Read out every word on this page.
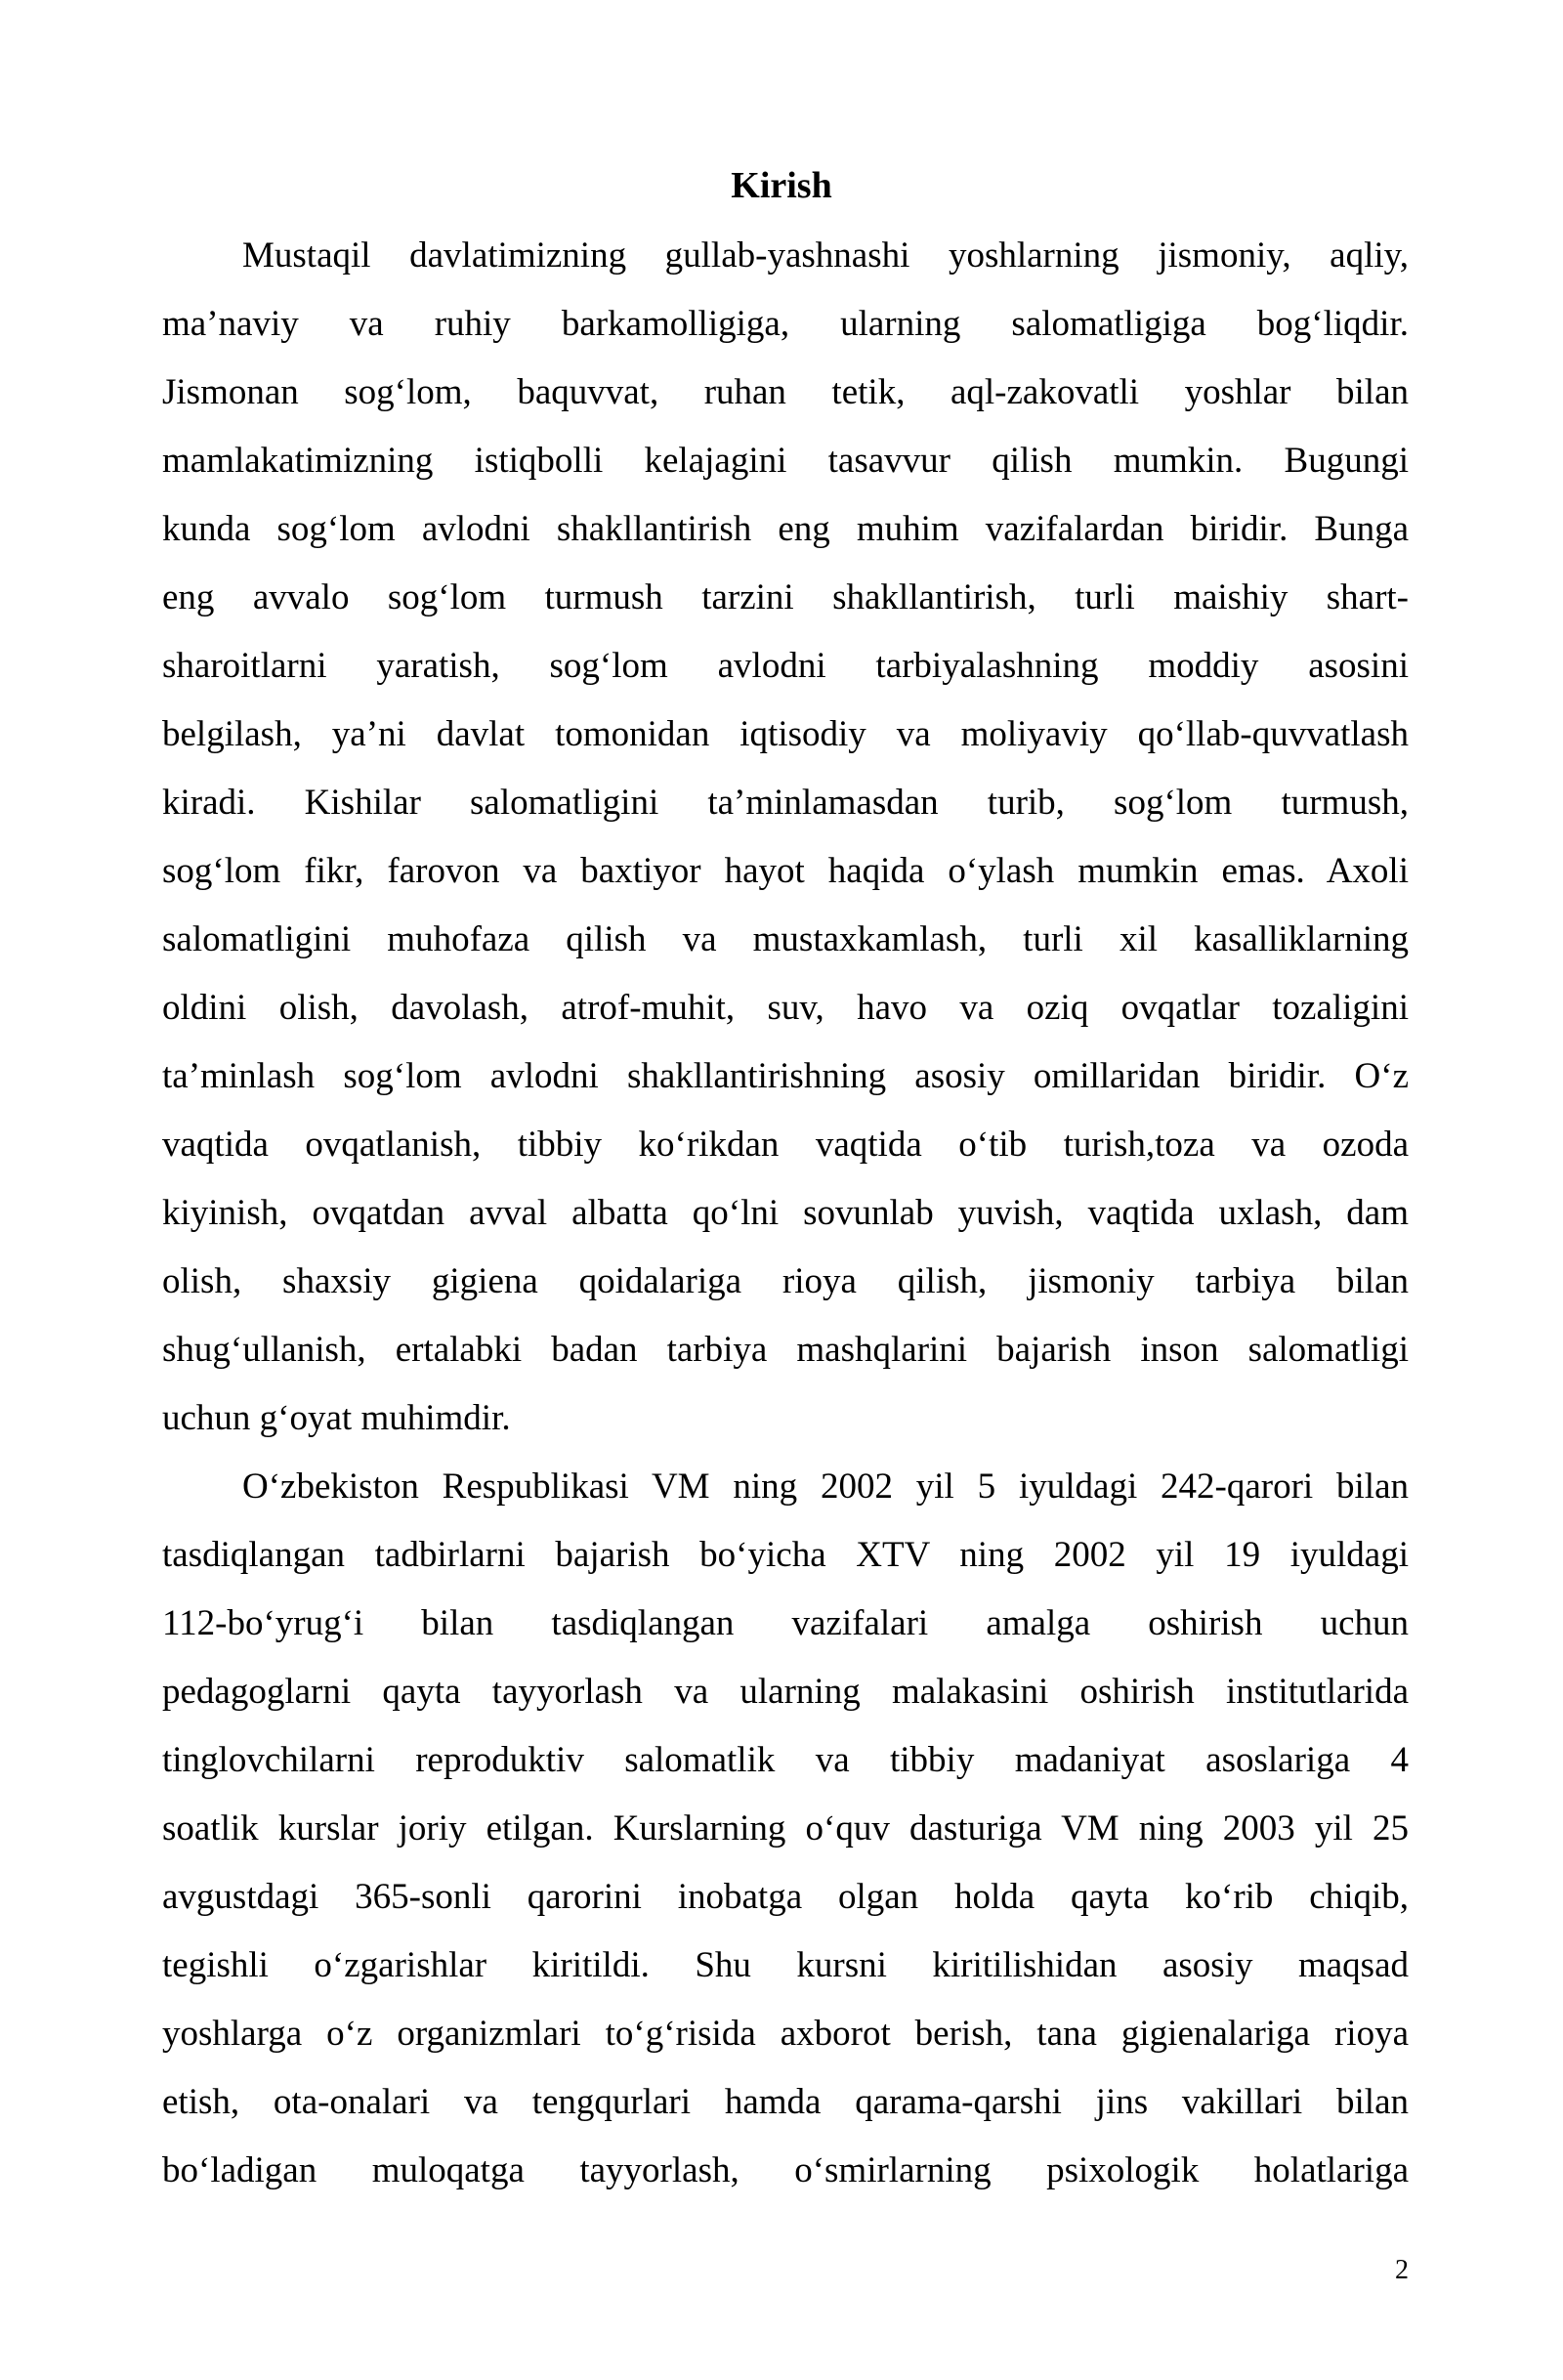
Kirish
Mustaqil davlatimizning gullab-yashnashi yoshlarning jismoniy, aqliy,
ma’naviy va ruhiy barkamolligiga, ularning salomatligiga bog‘liqdir.
Jismonan sog‘lom, baquvvat, ruhan tetik, aql-zakovatli yoshlar bilan
mamlakatimizning istiqbolli kelajagini tasavvur qilish mumkin. Bugungi
kunda sog‘lom avlodni shakllantirish eng muhim vazifalardan biridir. Bunga
eng avvalo sog‘lom turmush tarzini shakllantirish, turli maishiy shart-
sharoitlarni yaratish, sog‘lom avlodni tarbiyalashning moddiy asosini
belgilash, ya’ni davlat tomonidan iqtisodiy va moliyaviy qo‘llab-quvvatlash
kiradi. Kishilar salomatligini ta’minlamasdan turib, sog‘lom turmush,
sog‘lom fikr, farovon va baxtiyor hayot haqida o‘ylash mumkin emas. Axoli
salomatligini muhofaza qilish va mustaxkamlash, turli xil kasalliklarning
oldini olish, davolash, atrof-muhit, suv, havo va oziq ovqatlar tozaligini
ta’minlash sog‘lom avlodni shakllantirishning asosiy omillaridan biridir. O‘z
vaqtida ovqatlanish, tibbiy ko‘rikdan vaqtida o‘tib turish,toza va ozoda
kiyinish, ovqatdan avval albatta qo‘lni sovunlab yuvish, vaqtida uxlash, dam
olish, shaxsiy gigiena qoidalariga rioya qilish, jismoniy tarbiya bilan
shug‘ullanish, ertalabki badan tarbiya mashqlarini bajarish inson salomatligi
uchun g‘oyat muhimdir.
O‘zbekiston Respublikasi VM ning 2002 yil 5 iyuldagi 242-qarori bilan
tasdiqlangan tadbirlarni bajarish bo‘yicha XTV ning 2002 yil 19 iyuldagi
112-bo‘yrug‘i bilan tasdiqlangan vazifalari amalga oshirish uchun
pedagoglarni qayta tayyorlash va ularning malakasini oshirish institutlarida
tinglovchilarni reproduktiv salomatlik va tibbiy madaniyat asoslariga 4
soatlik kurslar joriy etilgan. Kurslarning o‘quv dasturiga VM ning 2003 yil 25
avgustdagi 365-sonli qarorini inobatga olgan holda qayta ko‘rib chiqib,
tegishli o‘zgarishlar kiritildi. Shu kursni kiritilishidan asosiy maqsad
yoshlarga o‘z organizmlari to‘g‘risida axborot berish, tana gigienalariga rioya
etish, ota-onalari va tengqurlari hamda qarama-qarshi jins vakillari bilan
bo‘ladigan muloqatga tayyorlash, o‘smirlarning psixologik holatlariga
2
